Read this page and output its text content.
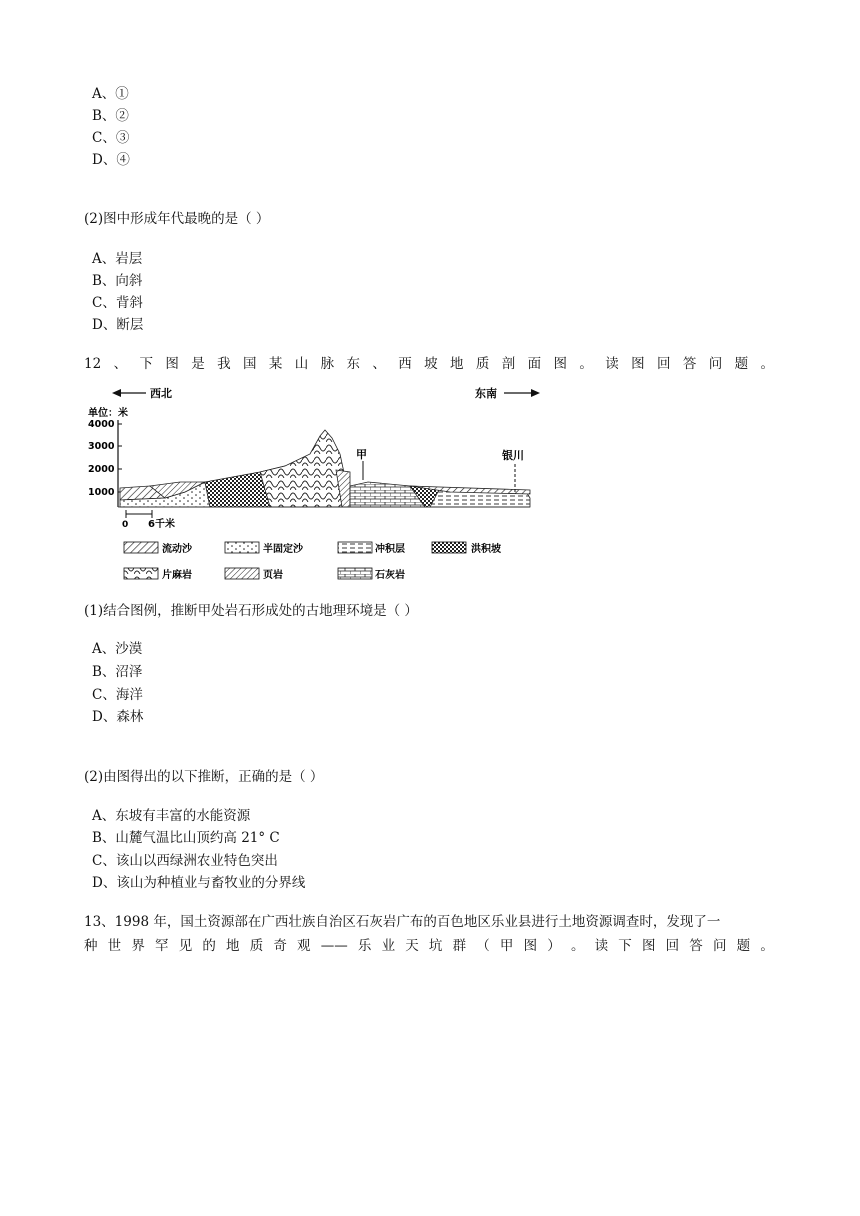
A、①
B、②
C、③
D、④
(2)图中形成年代最晚的是（ ）
A、岩层
B、向斜
C、背斜
D、断层
12 、 下 图 是 我 国 某 山 脉 东 、 西 坡 地 质 剖 面 图 。 读 图 回 答 问 题 。
西北	东南
单位：米
4000
3000
2000
1000
甲	银川
0 6千米
流动沙	半固定沙	冲积层	洪积坡
片麻岩	页岩	石灰岩
(1)结合图例，推断甲处岩石形成处的古地理环境是（ ）
A、沙漠
B、沼泽
C、海洋
D、森林
(2)由图得出的以下推断，正确的是（ ）
A、东坡有丰富的水能资源
B、山麓气温比山顶约高 21° C
C、该山以西绿洲农业特色突出
D、该山为种植业与畜牧业的分界线
13、1998 年，国土资源部在广西壮族自治区石灰岩广布的百色地区乐业县进行土地资源调查时，发现了一
种 世 界 罕 见 的 地 质 奇 观 —— 乐 业 天 坑 群 （ 甲 图 ） 。 读 下 图 回 答 问 题 。
